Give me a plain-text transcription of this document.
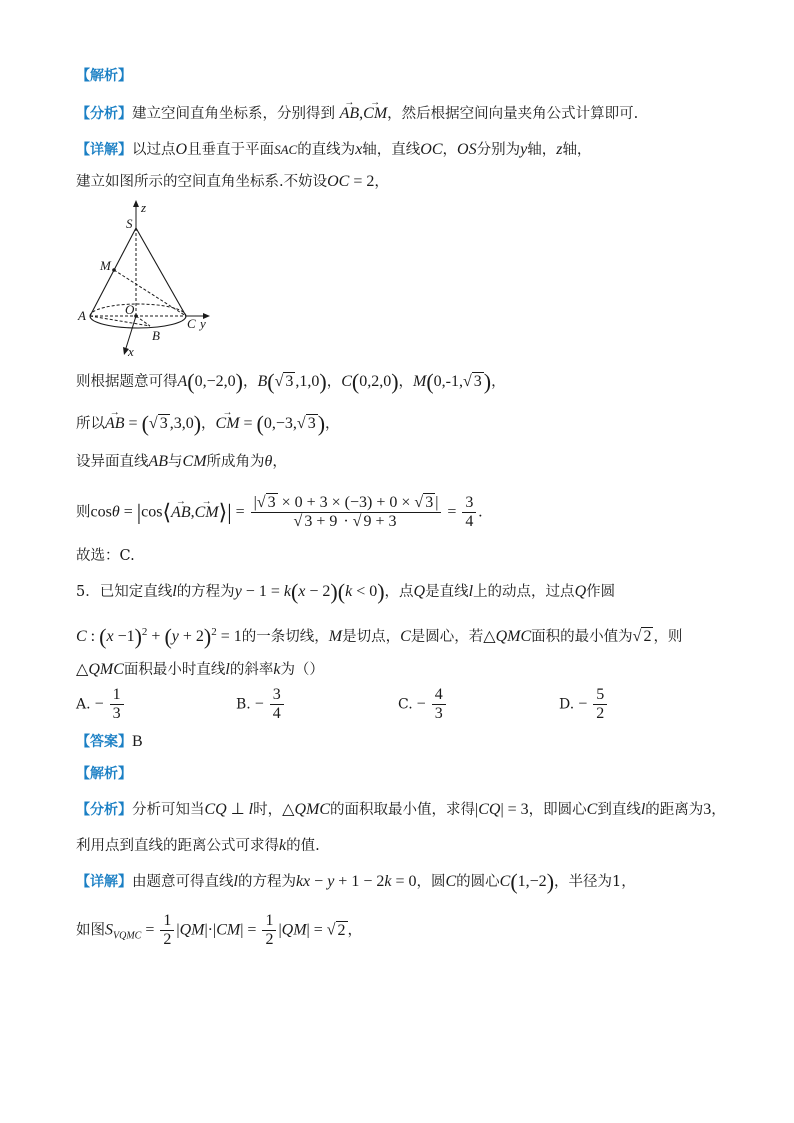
【解析】
【分析】建立空间直角坐标系，分别得到 → AB,→ CM，然后根据空间向量夹角公式计算即可.
【详解】以过点O且垂直于平面SAC的直线为x轴，直线OC，OS分别为y轴，z轴，
建立如图所示的空间直角坐标系.不妨设OC = 2，
z
y
x
S
M
A	O
B
C
则根据题意可得A(0,−2,0)，B(√ 3 ,1,0)，C(0,2,0)，M(0,-1,√ 3)，
所以→ AB = (√ 3 ,3,0)，→ CM = (0,−3,√ 3)，
设异面直线AB与CM所成角为θ，
则cosθ = |cos⟨→ AB,→ CM⟩| = $\frac{|√ 3 \times 0 + 3 \times (-3) + 0 \times √ 3 |}{√ 3 + 9 \cdot √ 9 + 3} = \frac{3}{4}$ .
故选：C.
5．已知定直线l的方程为y − 1 = k(x − 2)(k < 0)，点Q是直线l上的动点，过点Q作圆
C : $(x -1)^2 + (y + 2)^2 = 1$的一条切线，M是切点，C是圆心，若△QMC面积的最小值为√ 2 ，则
△QMC面积最小时直线l的斜率k为（）
A. − $\frac{1}{3}$	B. − $\frac{3}{4}$	C. − $\frac{4}{3}$	D. − $\frac{5}{2}$
【答案】B
【解析】
【分析】分析可知当CQ ⊥ l时，△QMC的面积取最小值，求得|CQ| = 3，即圆心C到直线l的距离为3，
利用点到直线的距离公式可求得k的值.
【详解】由题意可得直线l的方程为kx − y + 1 − 2k = 0，圆C的圆心C(1,−2)，半径为1，
如图$S_{VQMC} = \frac{1}{2} |QM|\cdot|CM| = \frac{1}{2} |QM|$ = √ 2 ，
